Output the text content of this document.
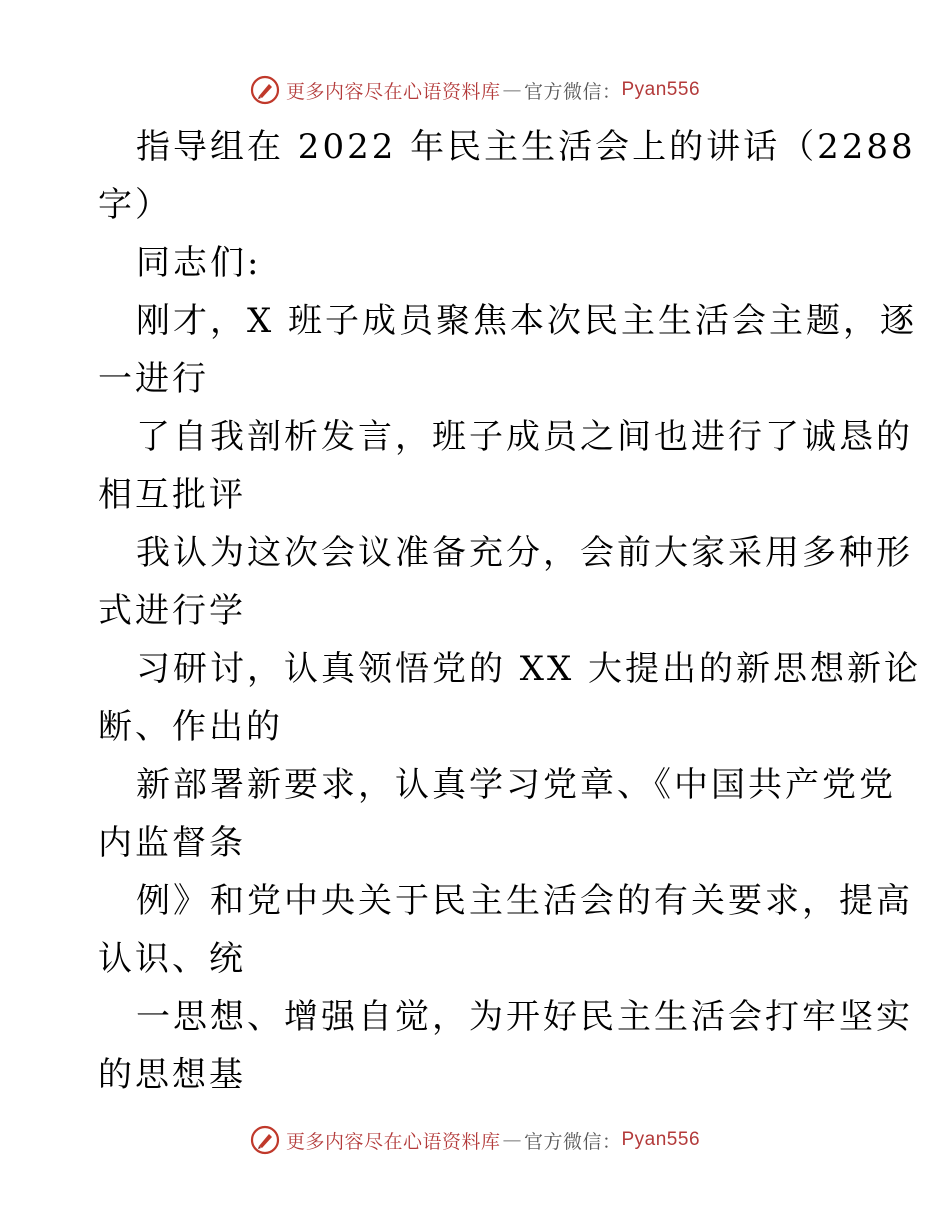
更多内容尽在心语资料库 — 官方微信： Pyan556
指导组在 2022 年民主生活会上的讲话（2288
字）
同志们:
刚才，X 班子成员聚焦本次民主生活会主题，逐
一进行
了自我剖析发言，班子成员之间也进行了诚恳的
相互批评
我认为这次会议准备充分，会前大家采用多种形
式进行学
习研讨，认真领悟党的 XX 大提出的新思想新论
断、作出的
新部署新要求，认真学习党章、《中国共产党党
内监督条
例》和党中央关于民主生活会的有关要求，提高
认识、统
一思想、增强自觉，为开好民主生活会打牢坚实
的思想基
更多内容尽在心语资料库 — 官方微信： Pyan556
